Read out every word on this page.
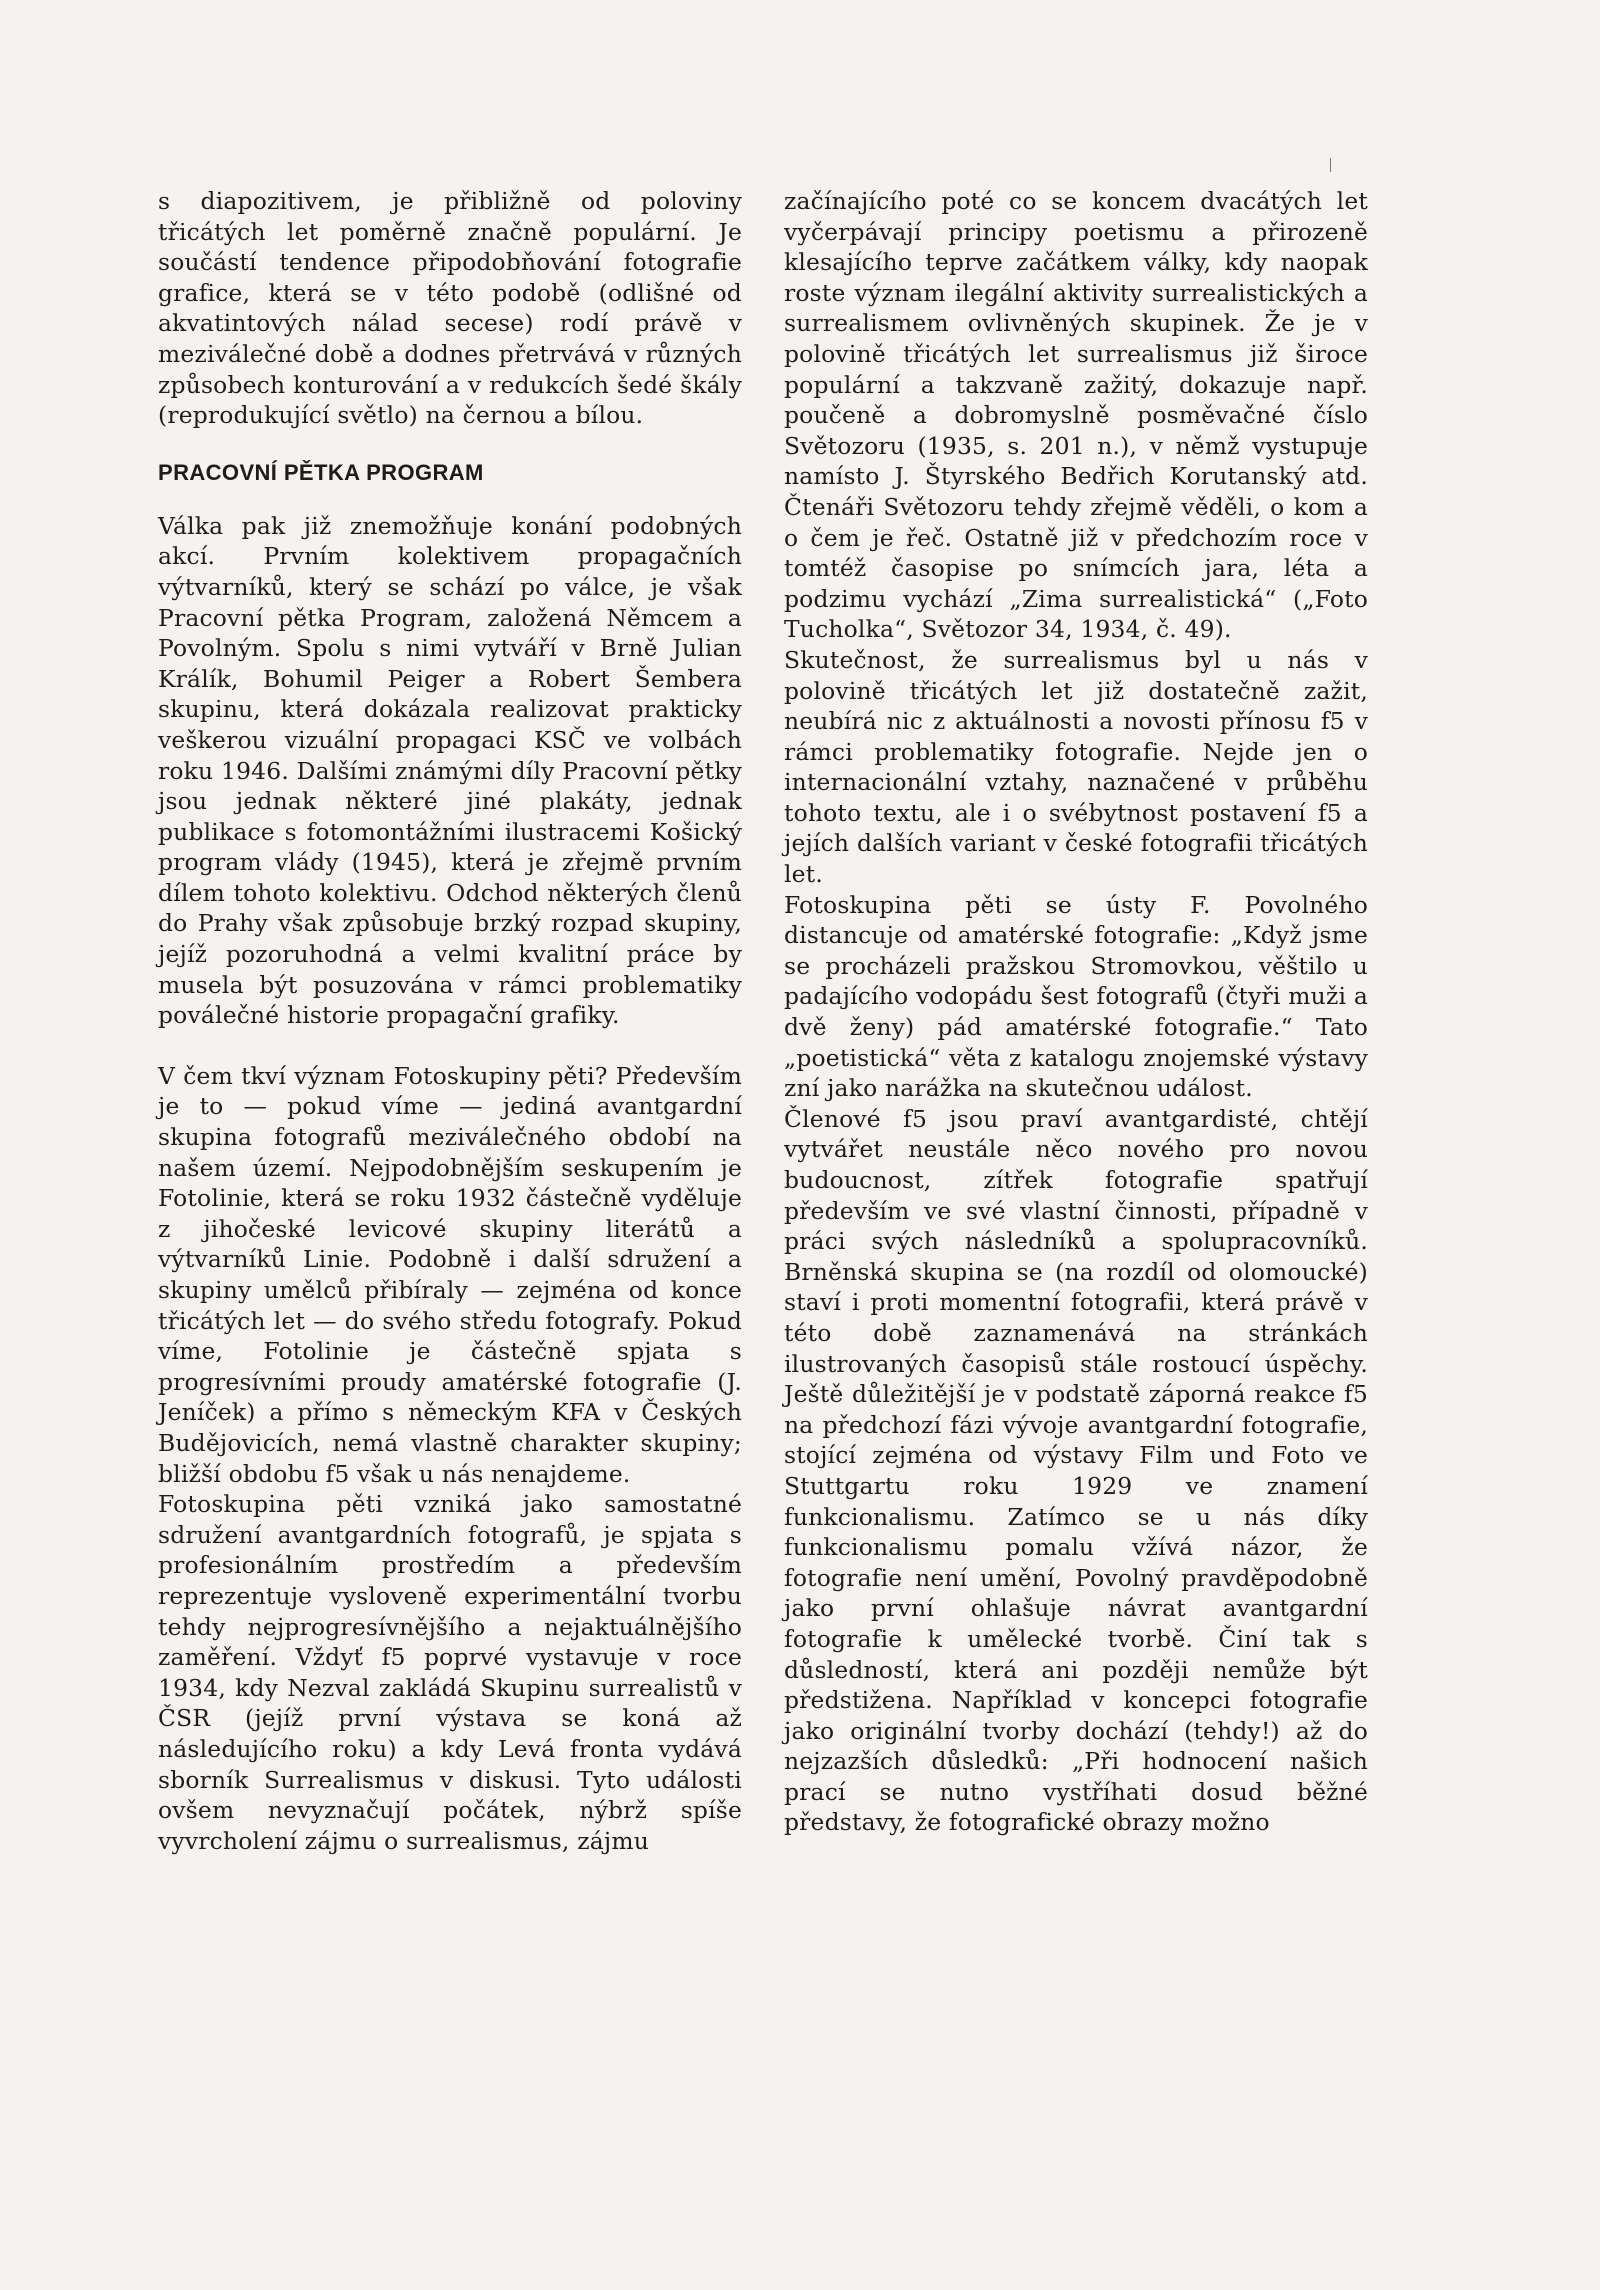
s diapozitivem, je přibližně od poloviny třicátých let poměrně značně populární. Je součástí tendence připodobňování fotografie grafice, která se v této podobě (odlišné od akvatintových nálad secese) rodí právě v meziválečné době a dodnes přetrvává v různých způsobech konturování a v redukcích šedé škály (reprodukující světlo) na černou a bílou.

PRACOVNÍ PĚTKA PROGRAM

Válka pak již znemožňuje konání podobných akcí. Prvním kolektivem propagačních výtvarníků, který se schází po válce, je však Pracovní pětka Program, založená Němcem a Povolným. Spolu s nimi vytváří v Brně Julian Králík, Bohumil Peiger a Robert Šembera skupinu, která dokázala realizovat prakticky veškerou vizuální propagaci KSČ ve volbách roku 1946. Dalšími známými díly Pracovní pětky jsou jednak některé jiné plakáty, jednak publikace s fotomontážními ilustracemi Košický program vlády (1945), která je zřejmě prvním dílem tohoto kolektivu. Odchod některých členů do Prahy však způsobuje brzký rozpad skupiny, jejíž pozoruhodná a velmi kvalitní práce by musela být posuzována v rámci problematiky poválečné historie propagační grafiky.

V čem tkví význam Fotoskupiny pěti? Především je to — pokud víme — jediná avantgardní skupina fotografů meziválečného období na našem území. Nejpodobnějším seskupením je Fotolinie, která se roku 1932 částečně vyděluje z jihočeské levicové skupiny literátů a výtvarníků Linie. Podobně i další sdružení a skupiny umělců přibíraly — zejména od konce třicátých let — do svého středu fotografy. Pokud víme, Fotolinie je částečně spjata s progresívními proudy amatérské fotografie (J. Jeníček) a přímo s německým KFA v Českých Budějovicích, nemá vlastně charakter skupiny; bližší obdobu f5 však u nás nenajdeme.

Fotoskupina pěti vzniká jako samostatné sdružení avantgardních fotografů, je spjata s profesionálním prostředím a především reprezentuje vysloveně experimentální tvorbu tehdy nejprogresívnějšího a nejaktuálnějšího zaměření. Vždyť f5 poprvé vystavuje v roce 1934, kdy Nezval zakládá Skupinu surrealistů v ČSR (jejíž první výstava se koná až následujícího roku) a kdy Levá fronta vydává sborník Surrealismus v diskusi. Tyto události ovšem nevyznačují počátek, nýbrž spíše vyvrcholení zájmu o surrealismus, zájmu

začínajícího poté co se koncem dvacátých let vyčerpávají principy poetismu a přirozeně klesajícího teprve začátkem války, kdy naopak roste význam ilegální aktivity surrealistických a surrealismem ovlivněných skupinek. Že je v polovině třicátých let surrealismus již široce populární a takzvaně zažitý, dokazuje např. poučeně a dobromyslně posměvačné číslo Světozoru (1935, s. 201 n.), v němž vystupuje namísto J. Štyrského Bedřich Korutanský atd. Čtenáři Světozoru tehdy zřejmě věděli, o kom a o čem je řeč. Ostatně již v předchozím roce v tomtéž časopise po snímcích jara, léta a podzimu vychází „Zima surrealistická“ („Foto Tucholka“, Světozor 34, 1934, č. 49).

Skutečnost, že surrealismus byl u nás v polovině třicátých let již dostatečně zažit, neubírá nic z aktuálnosti a novosti přínosu f5 v rámci problematiky fotografie. Nejde jen o internacionální vztahy, naznačené v průběhu tohoto textu, ale i o svébytnost postavení f5 a jejích dalších variant v české fotografii třicátých let.

Fotoskupina pěti se ústy F. Povolného distancuje od amatérské fotografie: „Když jsme se procházeli pražskou Stromovkou, věštilo u padajícího vodopádu šest fotografů (čtyři muži a dvě ženy) pád amatérské fotografie.“ Tato „poetistická“ věta z katalogu znojemské výstavy zní jako narážka na skutečnou událost.

Členové f5 jsou praví avantgardisté, chtějí vytvářet neustále něco nového pro novou budoucnost, zítřek fotografie spatřují především ve své vlastní činnosti, případně v práci svých následníků a spolupracovníků. Brněnská skupina se (na rozdíl od olomoucké) staví i proti momentní fotografii, která právě v této době zaznamenává na stránkách ilustrovaných časopisů stále rostoucí úspěchy. Ještě důležitější je v podstatě záporná reakce f5 na předchozí fázi vývoje avantgardní fotografie, stojící zejména od výstavy Film und Foto ve Stuttgartu roku 1929 ve znamení funkcionalismu. Zatímco se u nás díky funkcionalismu pomalu vžívá názor, že fotografie není umění, Povolný pravděpodobně jako první ohlašuje návrat avantgardní fotografie k umělecké tvorbě. Činí tak s důsledností, která ani později nemůže být předstižena. Například v koncepci fotografie jako originální tvorby dochází (tehdy!) až do nejzazších důsledků: „Při hodnocení našich prací se nutno vystříhati dosud běžné představy, že fotografické obrazy možno
